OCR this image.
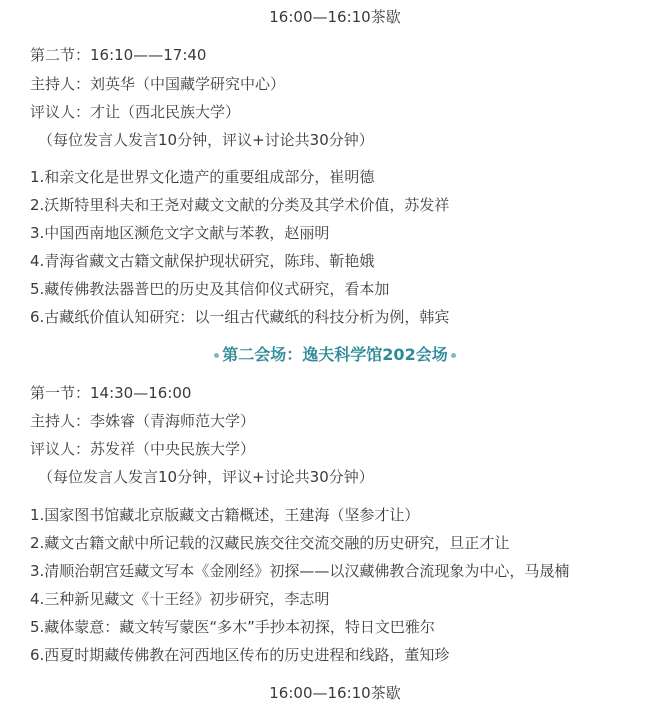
16:00—16:10茶歇
第二节：16:10——17:40
主持人：刘英华（中国藏学研究中心）
评议人：才让（西北民族大学）
（每位发言人发言10分钟，评议+讨论共30分钟）
1.和亲文化是世界文化遗产的重要组成部分，崔明德
2.沃斯特里科夫和王尧对藏文文献的分类及其学术价值，苏发祥
3.中国西南地区濒危文字文献与苯教，赵丽明
4.青海省藏文古籍文献保护现状研究，陈玮、靳艳娥
5.藏传佛教法器普巴的历史及其信仰仪式研究，看本加
6.古藏纸价值认知研究：以一组古代藏纸的科技分析为例，韩宾
第二会场：逸夫科学馆202会场
第一节：14:30—16:00
主持人：李姝睿（青海师范大学）
评议人：苏发祥（中央民族大学）
（每位发言人发言10分钟，评议+讨论共30分钟）
1.国家图书馆藏北京版藏文古籍概述，王建海（坚参才让）
2.藏文古籍文献中所记载的汉藏民族交往交流交融的历史研究，旦正才让
3.清顺治朝宫廷藏文写本《金刚经》初探——以汉藏佛教合流现象为中心，马晟楠
4.三种新见藏文《十王经》初步研究，李志明
5.藏体蒙意：藏文转写蒙医“多木”手抄本初探，特日文巴雅尔
6.西夏时期藏传佛教在河西地区传布的历史进程和线路，董知珍
16:00—16:10茶歇
